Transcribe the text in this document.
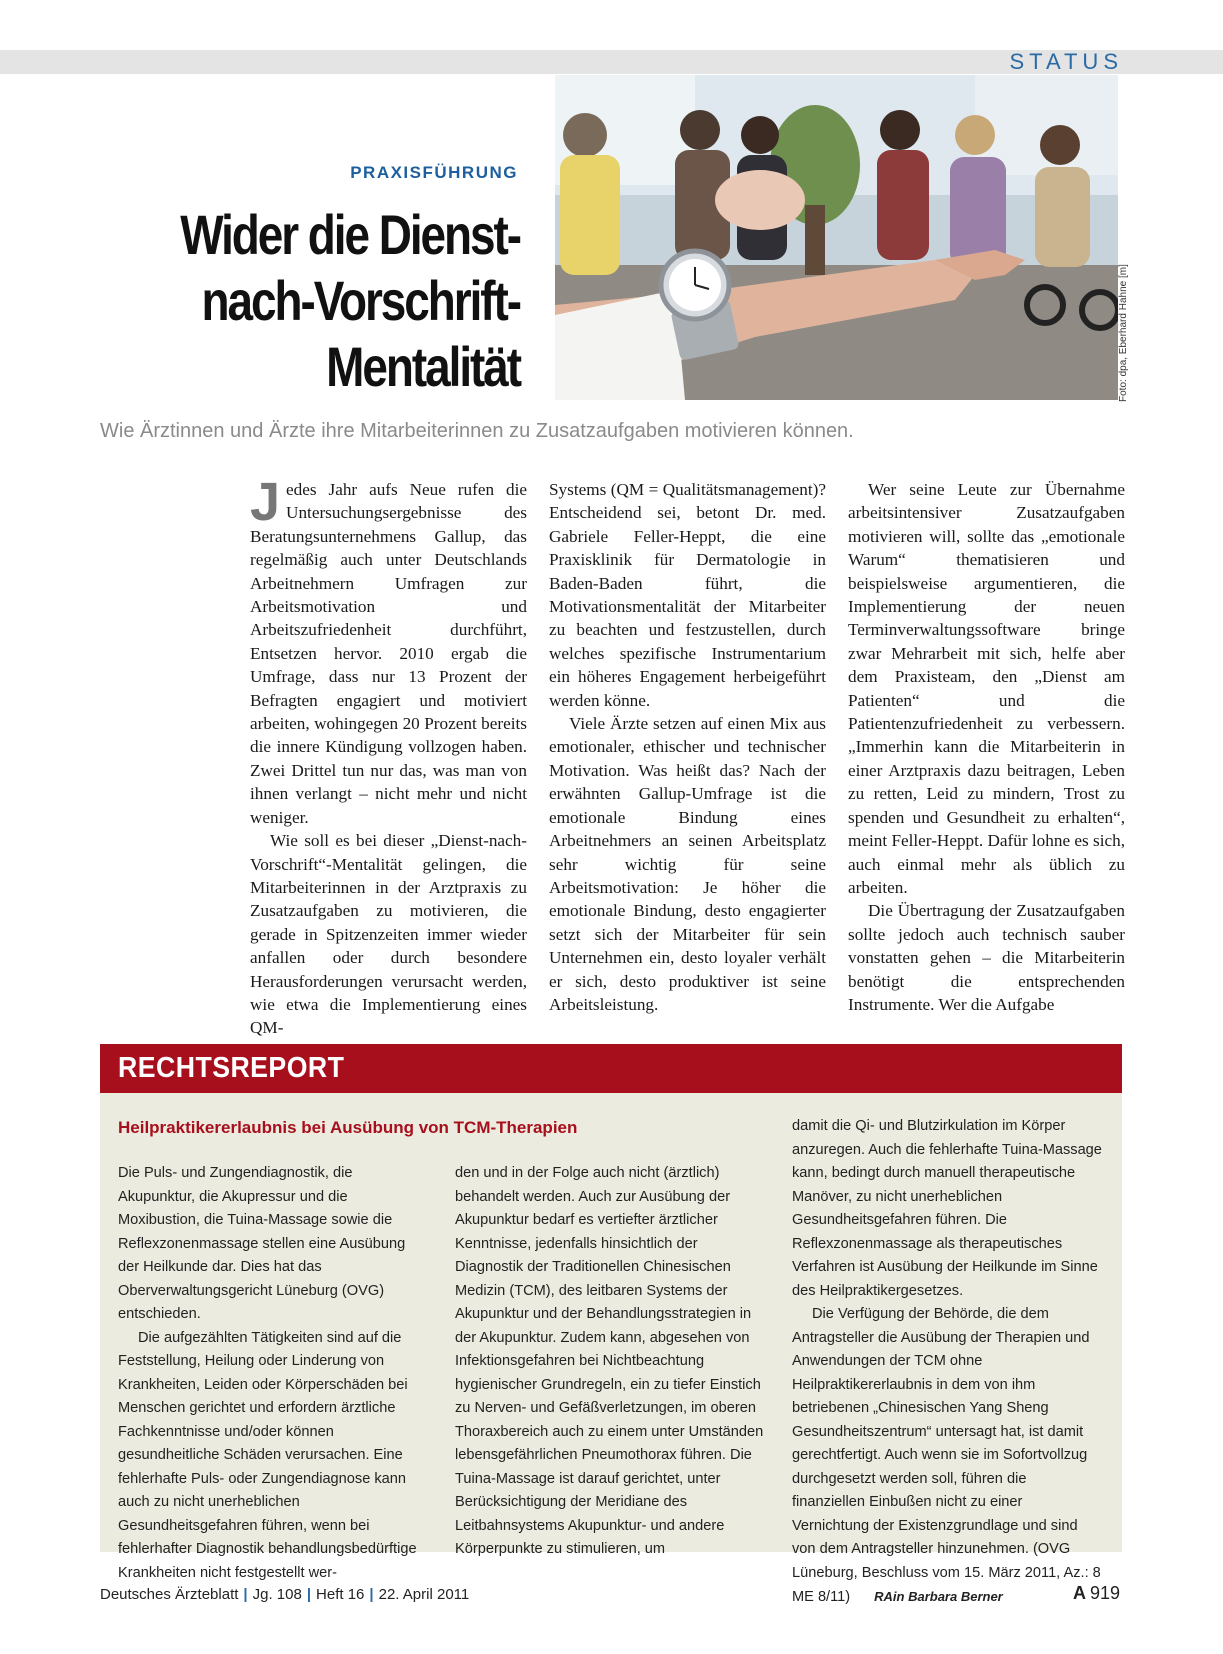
STATUS
PRAXISFÜHRUNG
Wider die Dienst-
nach-Vorschrift-
Mentalität	Foto: dpa, Eberhard Hahne [m]
Wie Ärztinnen und Ärzte ihre Mitarbeiterinnen zu Zusatzaufgaben motivieren können.

Jedes Jahr aufs Neue rufen die Untersuchungsergebnisse des Beratungsunternehmens Gallup, das regelmäßig auch unter Deutschlands Arbeitnehmern Umfragen zur Arbeitsmotivation und Arbeitszufriedenheit durchführt, Entsetzen hervor. 2010 ergab die Umfrage, dass nur 13 Prozent der Befragten engagiert und motiviert arbeiten, wohingegen 20 Prozent bereits die innere Kündigung vollzogen haben. Zwei Drittel tun nur das, was man von ihnen verlangt – nicht mehr und nicht weniger.

Wie soll es bei dieser „Dienst-nach-Vorschrift“-Mentalität gelingen, die Mitarbeiterinnen in der Arztpraxis zu Zusatzaufgaben zu motivieren, die gerade in Spitzenzeiten immer wieder anfallen oder durch besondere Herausforderungen verursacht werden, wie etwa die Implementierung eines QM-

Systems (QM = Qualitätsmanagement)? Entscheidend sei, betont Dr. med. Gabriele Feller-Heppt, die eine Praxisklinik für Dermatologie in Baden-Baden führt, die Motivationsmentalität der Mitarbeiter zu beachten und festzustellen, durch welches spezifische Instrumentarium ein höheres Engagement herbeigeführt werden könne.

Viele Ärzte setzen auf einen Mix aus emotionaler, ethischer und technischer Motivation. Was heißt das? Nach der erwähnten Gallup-Umfrage ist die emotionale Bindung eines Arbeitnehmers an seinen Arbeitsplatz sehr wichtig für seine Arbeitsmotivation: Je höher die emotionale Bindung, desto engagierter setzt sich der Mitarbeiter für sein Unternehmen ein, desto loyaler verhält er sich, desto produktiver ist seine Arbeitsleistung.

Wer seine Leute zur Übernahme arbeitsintensiver Zusatzaufgaben motivieren will, sollte das „emotionale Warum“ thematisieren und beispielsweise argumentieren, die Implementierung der neuen Terminverwaltungssoftware bringe zwar Mehrarbeit mit sich, helfe aber dem Praxisteam, den „Dienst am Patienten“ und die Patientenzufriedenheit zu verbessern. „Immerhin kann die Mitarbeiterin in einer Arztpraxis dazu beitragen, Leben zu retten, Leid zu mindern, Trost zu spenden und Gesundheit zu erhalten“, meint Feller-Heppt. Dafür lohne es sich, auch einmal mehr als üblich zu arbeiten.

Die Übertragung der Zusatzaufgaben sollte jedoch auch technisch sauber vonstatten gehen – die Mitarbeiterin benötigt die entsprechenden Instrumente. Wer die Aufgabe

RECHTSREPORT
Heilpraktikererlaubnis bei Ausübung von TCM-Therapien

Die Puls- und Zungendiagnostik, die Akupunktur, die Akupressur und die Moxibustion, die Tuina-Massage sowie die Reflexzonenmassage stellen eine Ausübung der Heilkunde dar. Dies hat das Oberverwaltungsgericht Lüneburg (OVG) entschieden.

Die aufgezählten Tätigkeiten sind auf die Feststellung, Heilung oder Linderung von Krankheiten, Leiden oder Körperschäden bei Menschen gerichtet und erfordern ärztliche Fachkenntnisse und/oder können gesundheitliche Schäden verursachen. Eine fehlerhafte Puls- oder Zungendiagnose kann auch zu nicht unerheblichen Gesundheitsgefahren führen, wenn bei fehlerhafter Diagnostik behandlungsbedürftige Krankheiten nicht festgestellt wer-

den und in der Folge auch nicht (ärztlich) behandelt werden. Auch zur Ausübung der Akupunktur bedarf es vertiefter ärztlicher Kenntnisse, jedenfalls hinsichtlich der Diagnostik der Traditionellen Chinesischen Medizin (TCM), des leitbaren Systems der Akupunktur und der Behandlungsstrategien in der Akupunktur. Zudem kann, abgesehen von Infektionsgefahren bei Nichtbeachtung hygienischer Grundregeln, ein zu tiefer Einstich zu Nerven- und Gefäßverletzungen, im oberen Thoraxbereich auch zu einem unter Umständen lebensgefährlichen Pneumothorax führen. Die Tuina-Massage ist darauf gerichtet, unter Berücksichtigung der Meridiane des Leitbahnsystems Akupunktur- und andere Körperpunkte zu stimulieren, um

damit die Qi- und Blutzirkulation im Körper anzuregen. Auch die fehlerhafte Tuina-Massage kann, bedingt durch manuell therapeutische Manöver, zu nicht unerheblichen Gesundheitsgefahren führen. Die Reflexzonenmassage als therapeutisches Verfahren ist Ausübung der Heilkunde im Sinne des Heilpraktikergesetzes.

Die Verfügung der Behörde, die dem Antragsteller die Ausübung der Therapien und Anwendungen der TCM ohne Heilpraktikererlaubnis in dem von ihm betriebenen „Chinesischen Yang Sheng Gesundheitszentrum“ untersagt hat, ist damit gerechtfertigt. Auch wenn sie im Sofortvollzug durchgesetzt werden soll, führen die finanziellen Einbußen nicht zu einer Vernichtung der Existenzgrundlage und sind von dem Antragsteller hinzunehmen. (OVG Lüneburg, Beschluss vom 15. März 2011, Az.: 8 ME 8/11) RAin Barbara Berner

Deutsches Ärzteblatt | Jg. 108 | Heft 16 | 22. April 2011	A 919
